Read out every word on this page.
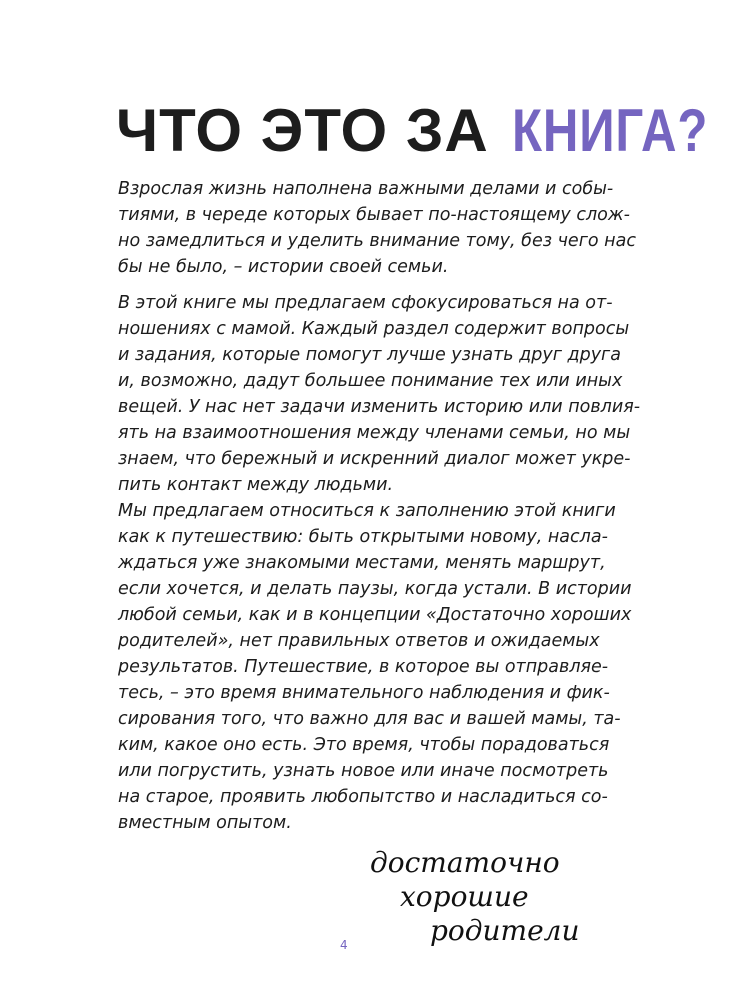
ЧТО ЭТО ЗА КНИГА?
Взрослая жизнь наполнена важными делами и собы-
тиями, в череде которых бывает по-настоящему слож-
но замедлиться и уделить внимание тому, без чего нас
бы не было, – истории своей семьи.
В этой книге мы предлагаем сфокусироваться на от-
ношениях с мамой. Каждый раздел содержит вопросы
и задания, которые помогут лучше узнать друг друга
и, возможно, дадут большее понимание тех или иных
вещей. У нас нет задачи изменить историю или повлия-
ять на взаимоотношения между членами семьи, но мы
знаем, что бережный и искренний диалог может укре-
пить контакт между людьми.
Мы предлагаем относиться к заполнению этой книги
как к путешествию: быть открытыми новому, насла-
ждаться уже знакомыми местами, менять маршрут,
если хочется, и делать паузы, когда устали. В истории
любой семьи, как и в концепции «Достаточно хороших
родителей», нет правильных ответов и ожидаемых
результатов. Путешествие, в которое вы отправляе-
тесь, – это время внимательного наблюдения и фик-
сирования того, что важно для вас и вашей мамы, та-
ким, какое оно есть. Это время, чтобы порадоваться
или погрустить, узнать новое или иначе посмотреть
на старое, проявить любопытство и насладиться со-
вместным опытом.
достаточно
хорошие
родители
4
